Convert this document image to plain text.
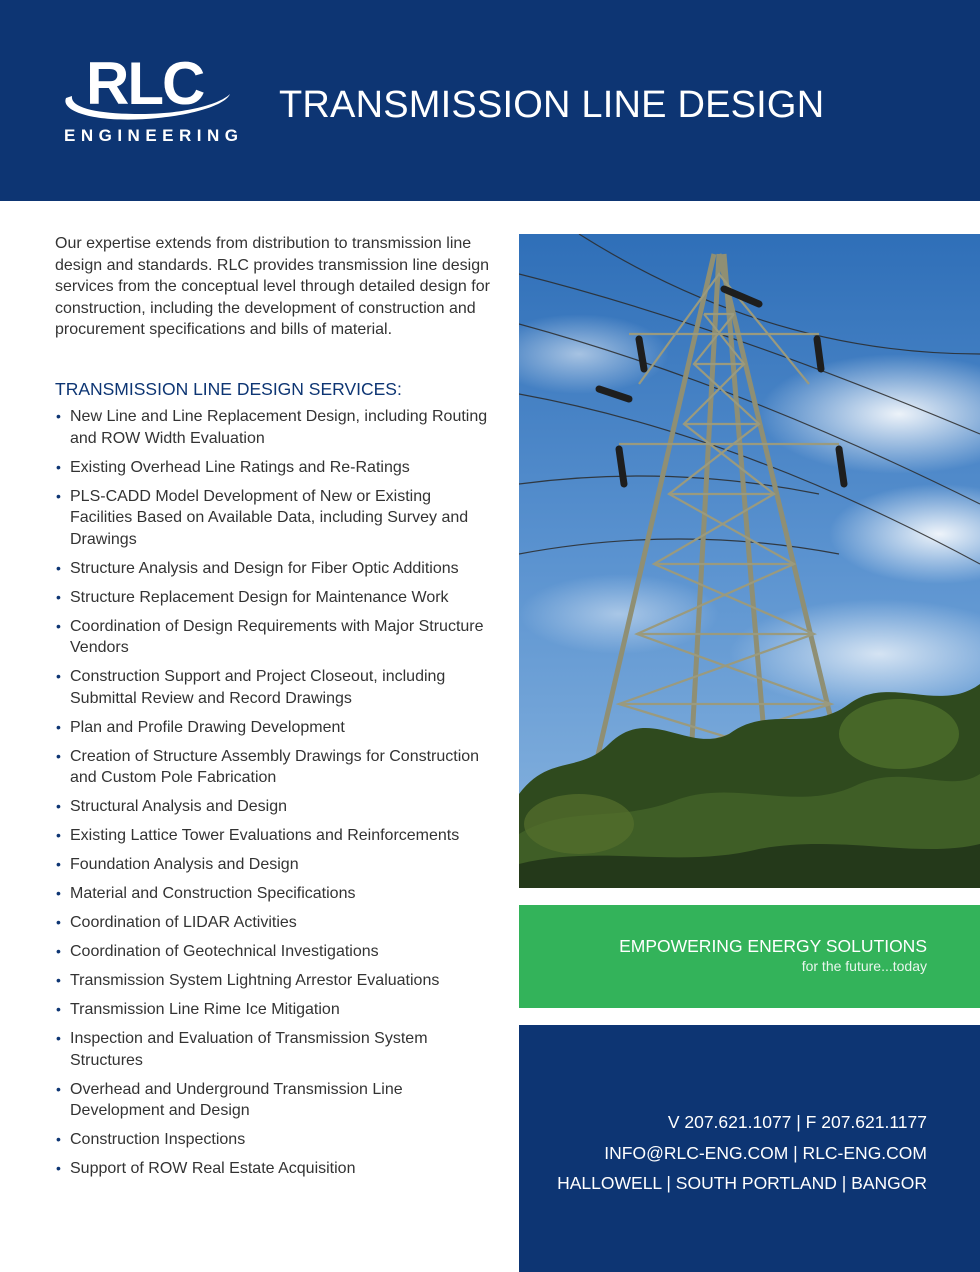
RLC
ENGINEERING
TRANSMISSION LINE DESIGN

Our expertise extends from distribution to transmission line design and standards. RLC provides transmission line design services from the conceptual level through detailed design for construction, including the development of construction and procurement specifications and bills of material.

TRANSMISSION LINE DESIGN SERVICES:
• New Line and Line Replacement Design, including Routing and ROW Width Evaluation
• Existing Overhead Line Ratings and Re-Ratings
• PLS-CADD Model Development of New or Existing Facilities Based on Available Data, including Survey and Drawings
• Structure Analysis and Design for Fiber Optic Additions
• Structure Replacement Design for Maintenance Work
• Coordination of Design Requirements with Major Structure Vendors
• Construction Support and Project Closeout, including Submittal Review and Record Drawings
• Plan and Profile Drawing Development
• Creation of Structure Assembly Drawings for Construction and Custom Pole Fabrication
• Structural Analysis and Design
• Existing Lattice Tower Evaluations and Reinforcements
• Foundation Analysis and Design
• Material and Construction Specifications
• Coordination of LIDAR Activities
• Coordination of Geotechnical Investigations
• Transmission System Lightning Arrestor Evaluations
• Transmission Line Rime Ice Mitigation
• Inspection and Evaluation of Transmission System Structures
• Overhead and Underground Transmission Line Development and Design
• Construction Inspections
• Support of ROW Real Estate Acquisition
EMPOWERING ENERGY SOLUTIONS
for the future...today
V 207.621.1077 | F 207.621.1177
INFO@RLC-ENG.COM | RLC-ENG.COM
HALLOWELL | SOUTH PORTLAND | BANGOR
